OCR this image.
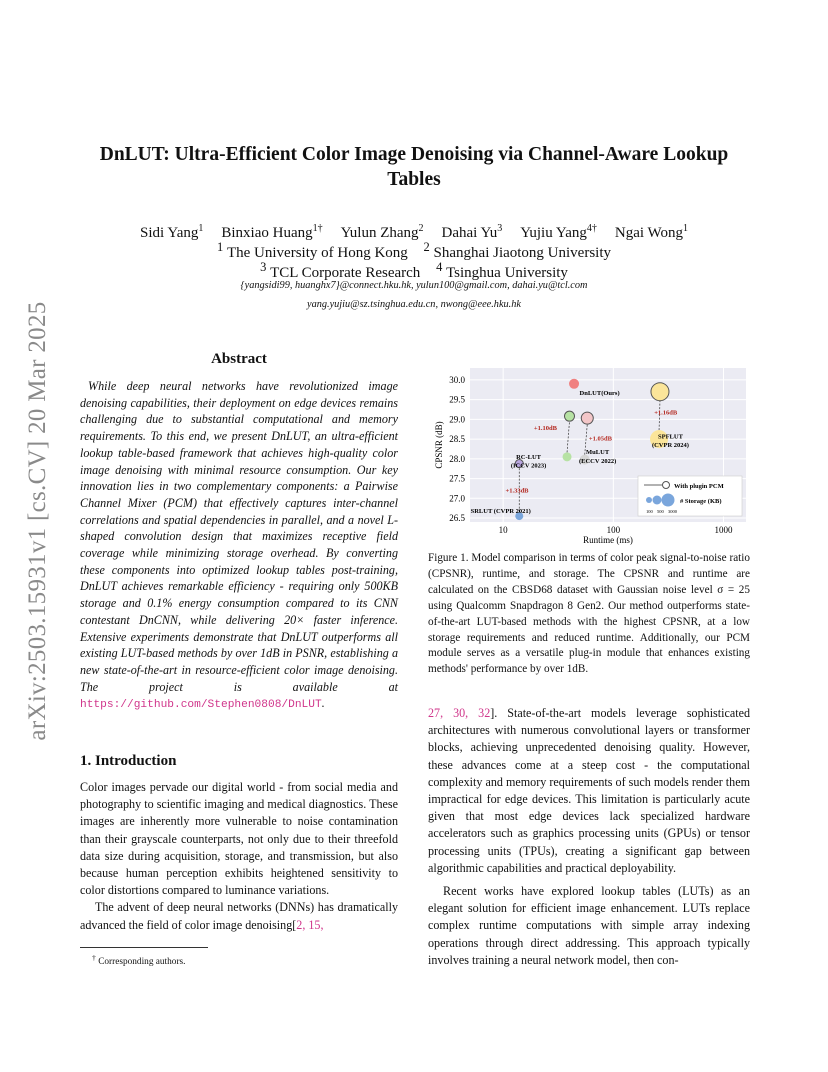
arXiv:2503.15931v1 [cs.CV] 20 Mar 2025
DnLUT: Ultra-Efficient Color Image Denoising via Channel-Aware Lookup Tables
Sidi Yang$^1$ Binxiao Huang$^{1\dagger}$ Yulun Zhang$^2$ Dahai Yu$^3$ Yujiu Yang$^{4\dagger}$ Ngai Wong$^1$
$^1$ The University of Hong Kong $^2$ Shanghai Jiaotong University
$^3$ TCL Corporate Research $^4$ Tsinghua University
{yangsidi99, huanghx7}@connect.hku.hk, yulun100@gmail.com, dahai.yu@tcl.com
yang.yujiu@sz.tsinghua.edu.cn, nwong@eee.hku.hk
Abstract
While deep neural networks have revolutionized image denoising capabilities, their deployment on edge devices remains challenging due to substantial computational and memory requirements. To this end, we present DnLUT, an ultra-efficient lookup table-based framework that achieves high-quality color image denoising with minimal resource consumption. Our key innovation lies in two complementary components: a Pairwise Channel Mixer (PCM) that effectively captures inter-channel correlations and spatial dependencies in parallel, and a novel L-shaped convolution design that maximizes receptive field coverage while minimizing storage overhead. By converting these components into optimized lookup tables post-training, DnLUT achieves remarkable efficiency - requiring only 500KB storage and 0.1% energy consumption compared to its CNN contestant DnCNN, while delivering 20× faster inference. Extensive experiments demonstrate that DnLUT outperforms all existing LUT-based methods by over 1dB in PSNR, establishing a new state-of-the-art in resource-efficient color image denoising. The project is available at https://github.com/Stephen0808/DnLUT.
1. Introduction

Color images pervade our digital world - from social media and photography to scientific imaging and medical diagnostics. These images are inherently more vulnerable to noise contamination than their grayscale counterparts, not only due to their threefold data size during acquisition, storage, and transmission, but also because human perception exhibits heightened sensitivity to color distortions compared to luminance variations.

The advent of deep neural networks (DNNs) has dramatically advanced the field of color image denoising[2, 15,

† Corresponding authors.
26.5
27.0
27.5
28.0
28.5
29.0
29.5
30.0
10	100	1000
Runtime (ms)
CPSNR (dB)
DnLUT(Ours)
SRLUT (CVPR 2021)
RC-LUT
(ICCV 2023)
MuLUT
(ECCV 2022)
SPFLUT
(CVPR 2024)
+1.33dB
+1.10dB
+1.05dB
+1.16dB
With plugin PCM
# Storage (KB)
100 500 3000
Figure 1. Model comparison in terms of color peak signal-to-noise ratio (CPSNR), runtime, and storage. The CPSNR and runtime are calculated on the CBSD68 dataset with Gaussian noise level σ = 25 using Qualcomm Snapdragon 8 Gen2. Our method outperforms state-of-the-art LUT-based methods with the highest CPSNR, at a low storage requirements and reduced runtime. Additionally, our PCM module serves as a versatile plug-in module that enhances existing methods' performance by over 1dB.

27, 30, 32]. State-of-the-art models leverage sophisticated architectures with numerous convolutional layers or transformer blocks, achieving unprecedented denoising quality. However, these advances come at a steep cost - the computational complexity and memory requirements of such models render them impractical for edge devices. This limitation is particularly acute given that most edge devices lack specialized hardware accelerators such as graphics processing units (GPUs) or tensor processing units (TPUs), creating a significant gap between algorithmic capabilities and practical deployability.

Recent works have explored lookup tables (LUTs) as an elegant solution for efficient image enhancement. LUTs replace complex runtime computations with simple array indexing operations through direct addressing. This approach typically involves training a neural network model, then con-
